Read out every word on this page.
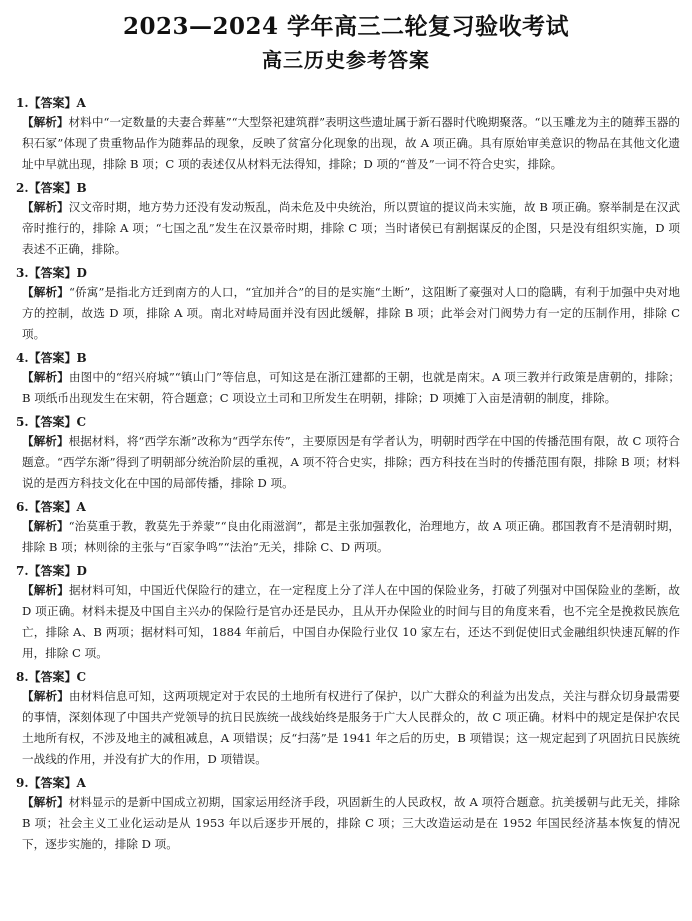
2023—2024 学年高三二轮复习验收考试
高三历史参考答案
1.【答案】A
【解析】材料中“一定数量的夫妻合葬墓”“大型祭祀建筑群”表明这些遗址属于新石器时代晚期聚落。“以玉雕龙为主的随葬玉器的积石冢”体现了贵重物品作为随葬品的现象，反映了贫富分化现象的出现，故 A 项正确。具有原始审美意识的物品在其他文化遗址中早就出现，排除 B 项；C 项的表述仅从材料无法得知，排除；D 项的“普及”一词不符合史实，排除。
2.【答案】B
【解析】汉文帝时期，地方势力还没有发动叛乱，尚未危及中央统治，所以贾谊的提议尚未实施，故 B 项正确。察举制是在汉武帝时推行的，排除 A 项；“七国之乱”发生在汉景帝时期，排除 C 项；当时诸侯已有割据谋反的企图，只是没有组织实施，D 项表述不正确，排除。
3.【答案】D
【解析】“侨寓”是指北方迁到南方的人口，“宜加并合”的目的是实施“土断”，这阻断了豪强对人口的隐瞒，有利于加强中央对地方的控制，故选 D 项，排除 A 项。南北对峙局面并没有因此缓解，排除 B 项；此举会对门阀势力有一定的压制作用，排除 C 项。
4.【答案】B
【解析】由图中的“绍兴府城”“镇山门”等信息，可知这是在浙江建都的王朝，也就是南宋。A 项三教并行政策是唐朝的，排除；B 项纸币出现发生在宋朝，符合题意；C 项设立土司和卫所发生在明朝，排除；D 项摊丁入亩是清朝的制度，排除。
5.【答案】C
【解析】根据材料，将“西学东渐”改称为“西学东传”，主要原因是有学者认为，明朝时西学在中国的传播范围有限，故 C 项符合题意。“西学东渐”得到了明朝部分统治阶层的重视，A 项不符合史实，排除；西方科技在当时的传播范围有限，排除 B 项；材料说的是西方科技文化在中国的局部传播，排除 D 项。
6.【答案】A
【解析】“治莫重于教，教莫先于养蒙”“良由化雨滋润”，都是主张加强教化，治理地方，故 A 项正确。郡国教育不是清朝时期，排除 B 项；林则徐的主张与“百家争鸣”“法治”无关，排除 C、D 两项。
7.【答案】D
【解析】据材料可知，中国近代保险行的建立，在一定程度上分了洋人在中国的保险业务，打破了列强对中国保险业的垄断，故 D 项正确。材料未提及中国自主兴办的保险行是官办还是民办，且从开办保险业的时间与目的角度来看，也不完全是挽救民族危亡，排除 A、B 两项；据材料可知，1884 年前后，中国自办保险行业仅 10 家左右，还达不到促使旧式金融组织快速瓦解的作用，排除 C 项。
8.【答案】C
【解析】由材料信息可知，这两项规定对于农民的土地所有权进行了保护，以广大群众的利益为出发点，关注与群众切身最需要的事情，深刻体现了中国共产党领导的抗日民族统一战线始终是服务于广大人民群众的，故 C 项正确。材料中的规定是保护农民土地所有权，不涉及地主的减租减息，A 项错误；反“扫荡”是 1941 年之后的历史，B 项错误；这一规定起到了巩固抗日民族统一战线的作用，并没有扩大的作用，D 项错误。
9.【答案】A
【解析】材料显示的是新中国成立初期，国家运用经济手段，巩固新生的人民政权，故 A 项符合题意。抗美援朝与此无关，排除 B 项；社会主义工业化运动是从 1953 年以后逐步开展的，排除 C 项；三大改造运动是在 1952 年国民经济基本恢复的情况下，逐步实施的，排除 D 项。
